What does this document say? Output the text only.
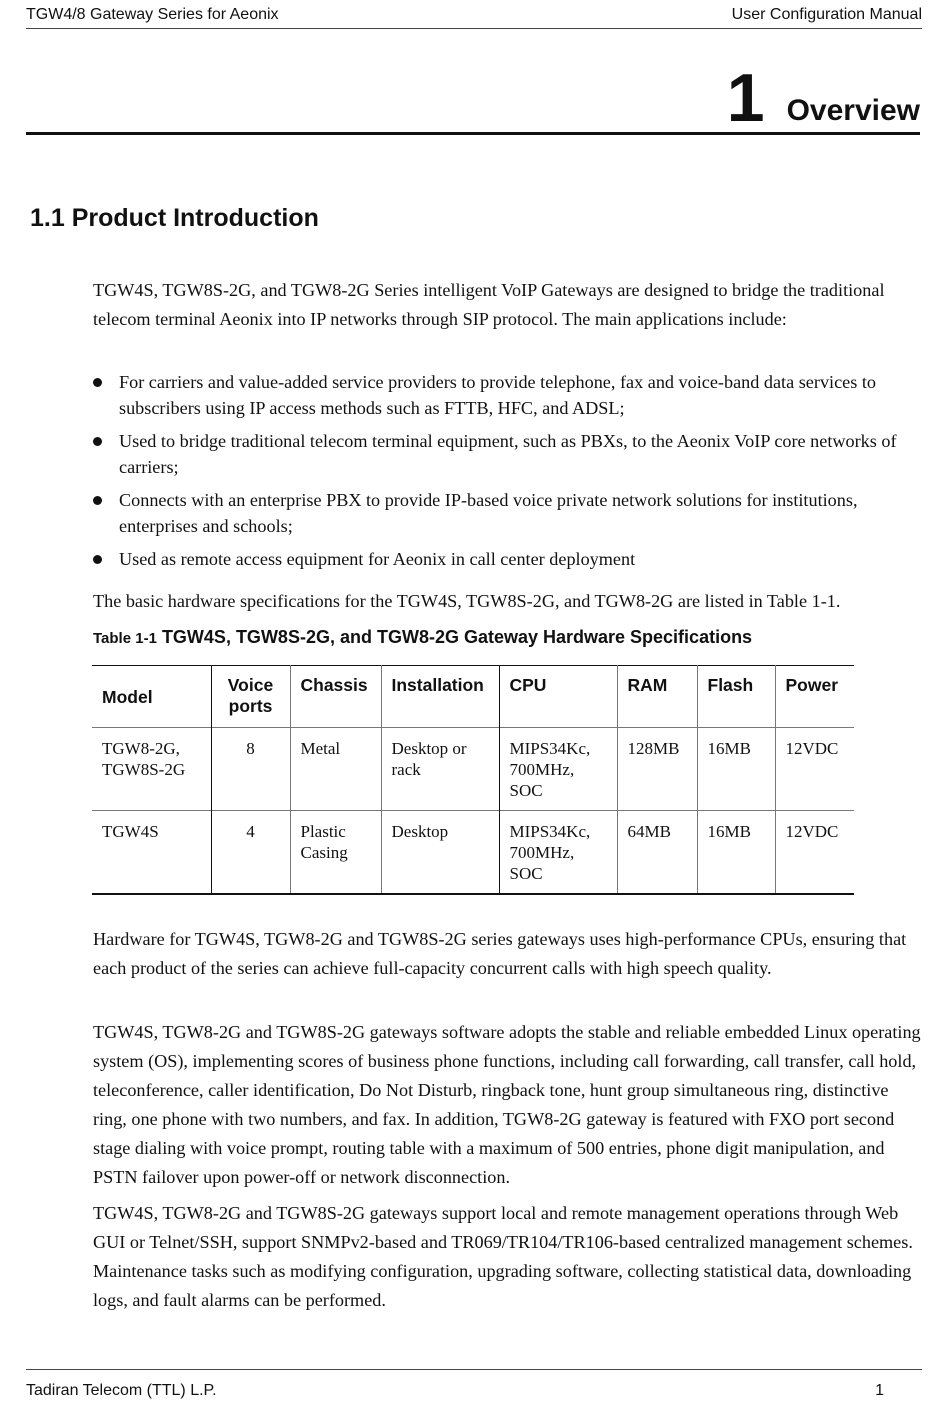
TGW4/8 Gateway Series for Aeonix	User Configuration Manual
1 Overview
1.1 Product Introduction
TGW4S, TGW8S-2G, and TGW8-2G Series intelligent VoIP Gateways are designed to bridge the traditional telecom terminal Aeonix into IP networks through SIP protocol. The main applications include:
For carriers and value-added service providers to provide telephone, fax and voice-band data services to subscribers using IP access methods such as FTTB, HFC, and ADSL;
Used to bridge traditional telecom terminal equipment, such as PBXs, to the Aeonix VoIP core networks of carriers;
Connects with an enterprise PBX to provide IP-based voice private network solutions for institutions, enterprises and schools;
Used as remote access equipment for Aeonix in call center deployment
The basic hardware specifications for the TGW4S, TGW8S-2G, and TGW8-2G are listed in Table 1-1.
Table 1-1 TGW4S, TGW8S-2G, and TGW8-2G Gateway Hardware Specifications
Model	Voice ports	Chassis	Installation	CPU	RAM	Flash	Power
TGW8-2G, TGW8S-2G	8	Metal	Desktop or rack	MIPS34Kc, 700MHz, SOC	128MB	16MB	12VDC
TGW4S	4	Plastic Casing	Desktop	MIPS34Kc, 700MHz, SOC	64MB	16MB	12VDC
Hardware for TGW4S, TGW8-2G and TGW8S-2G series gateways uses high-performance CPUs, ensuring that each product of the series can achieve full-capacity concurrent calls with high speech quality.
TGW4S, TGW8-2G and TGW8S-2G gateways software adopts the stable and reliable embedded Linux operating system (OS), implementing scores of business phone functions, including call forwarding, call transfer, call hold, teleconference, caller identification, Do Not Disturb, ringback tone, hunt group simultaneous ring, distinctive ring, one phone with two numbers, and fax. In addition, TGW8-2G gateway is featured with FXO port second stage dialing with voice prompt, routing table with a maximum of 500 entries, phone digit manipulation, and PSTN failover upon power-off or network disconnection.
TGW4S, TGW8-2G and TGW8S-2G gateways support local and remote management operations through Web GUI or Telnet/SSH, support SNMPv2-based and TR069/TR104/TR106-based centralized management schemes. Maintenance tasks such as modifying configuration, upgrading software, collecting statistical data, downloading logs, and fault alarms can be performed.
Tadiran Telecom (TTL) L.P.	1
